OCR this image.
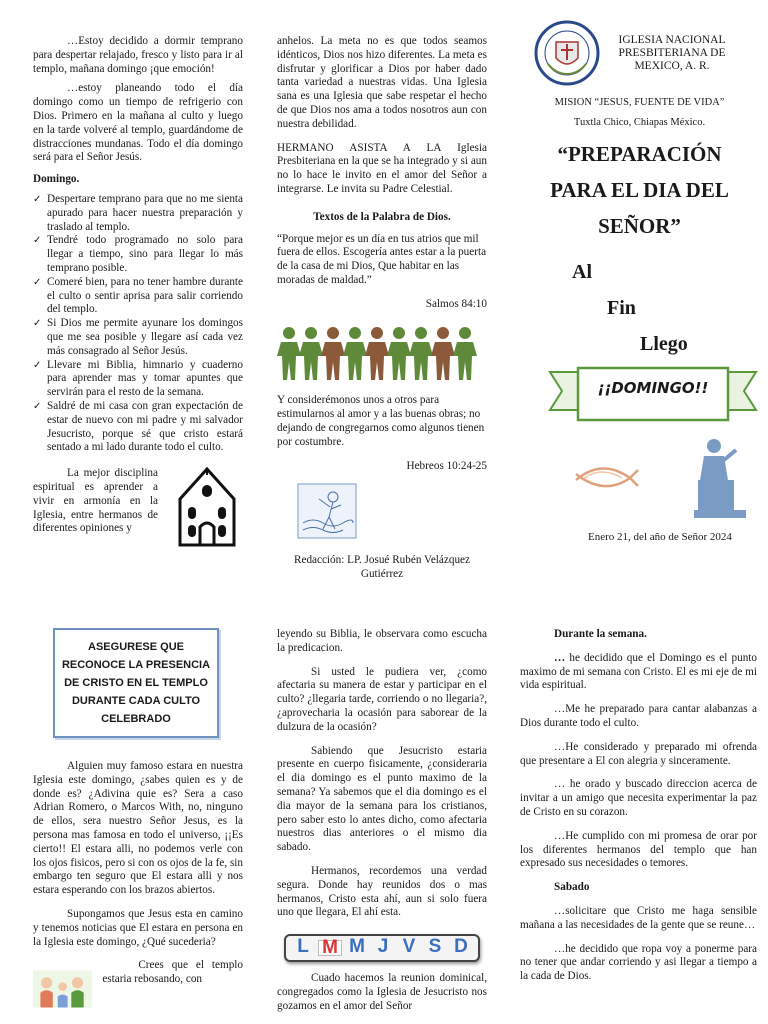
…Estoy decidido a dormir temprano para despertar relajado, fresco y listo para ir al templo, mañana domingo ¡que emoción!

…estoy planeando todo el día domingo como un tiempo de refrigerio con Dios. Primero en la mañana al culto y luego en la tarde volveré al templo, guardándome de distracciones mundanas. Todo el día domingo será para el Señor Jesús.

Domingo.

✓ Despertare temprano para que no me sienta apurado para hacer nuestra preparación y traslado al templo.
✓ Tendré todo programado no solo para llegar a tiempo, sino para llegar lo más temprano posible.
✓ Comeré bien, para no tener hambre durante el culto o sentir aprisa para salir corriendo del templo.
✓ Si Dios me permite ayunare los domingos que me sea posible y llegare así cada vez más consagrado al Señor Jesús.
✓ Llevare mi Biblia, himnario y cuaderno para aprender mas y tomar apuntes que servirán para el resto de la semana.
✓ Saldré de mi casa con gran expectación de estar de nuevo con mi padre y mi salvador Jesucristo, porque sé que cristo estará sentado a mi lado durante todo el culto.

La mejor disciplina espiritual es aprender a vivir en armonía en la Iglesia, entre hermanos de diferentes opiniones y

anhelos. La meta no es que todos seamos idénticos, Dios nos hizo diferentes. La meta es disfrutar y glorificar a Dios por haber dado tanta variedad a nuestras vidas. Una Iglesia sana es una Iglesia que sabe respetar el hecho de que Dios nos ama a todos nosotros aun con nuestra debilidad.

HERMANO ASISTA A LA Iglesia Presbiteriana en la que se ha integrado y si aun no lo hace le invito en el amor del Señor a integrarse. Le invita su Padre Celestial.

Textos de la Palabra de Dios.

“Porque mejor es un día en tus atrios que mil fuera de ellos. Escogería antes estar a la puerta de la casa de mi Dios, Que habitar en las moradas de maldad.”

Salmos 84:10

Y considerémonos unos a otros para estimularnos al amor y a las buenas obras; no dejando de congregarnos como algunos tienen por costumbre.

Hebreos 10:24-25

Redacción: LP. Josué Rubén Velázquez Gutiérrez

IGLESIA NACIONAL PRESBITERIANA DE MEXICO, A. R.

MISION “JESUS, FUENTE DE VIDA”

Tuxtla Chico, Chiapas México.

“PREPARACIÓN
PARA EL DIA DEL
SEÑOR”
Al
Fin
Llego
¡¡DOMINGO!!

Enero 21, del año de Señor 2024

ASEGURESE QUE RECONOCE LA PRESENCIA DE CRISTO EN EL TEMPLO DURANTE CADA CULTO CELEBRADO

Alguien muy famoso estara en nuestra Iglesia este domingo, ¿sabes quien es y de donde es? ¿Adivina quie es? Sera a caso Adrian Romero, o Marcos With, no, ninguno de ellos, sera nuestro Señor Jesus, es la persona mas famosa en todo el universo, ¡¡Es cierto!! El estara alli, no podemos verle con los ojos fisicos, pero si con os ojos de la fe, sin embargo ten seguro que El estara alli y nos estara esperando con los brazos abiertos.

Supongamos que Jesus esta en camino y tenemos noticias que El estara en persona en la Iglesia este domingo, ¿Qué sucederia?

Crees que el templo estaria rebosando, con

leyendo su Biblia, le observara como escucha la predicacion.

Si usted le pudiera ver, ¿como afectaria su manera de estar y participar en el culto? ¿llegaria tarde, corriendo o no llegaria?, ¿aprovecharia la ocasión para saborear de la dulzura de la ocasión?

Sabiendo que Jesucristo estaria presente en cuerpo fisicamente, ¿consideraria el dia domingo es el punto maximo de la semana? Ya sabemos que el dia domingo es el dia mayor de la semana para los cristianos, pero saber esto lo antes dicho, como afectaria nuestros dias anteriores o el mismo dia sabado.

Hermanos, recordemos una verdad segura. Donde hay reunidos dos o mas hermanos, Cristo esta ahí, aun si solo fuera uno que llegara, El ahí esta.

L M M J V S D

Cuado hacemos la reunion dominical, congregados como la Iglesia de Jesucristo nos gozamos en el amor del Señor

Durante la semana.

… he decidido que el Domingo es el punto maximo de mi semana con Cristo. El es mi eje de mi vida espiritual.

…Me he preparado para cantar alabanzas a Dios durante todo el culto.

…He considerado y preparado mi ofrenda que presentare a El con alegria y sinceramente.

… he orado y buscado direccion acerca de invitar a un amigo que necesita experimentar la paz de Cristo en su corazon.

…He cumplido con mi promesa de orar por los diferentes hermanos del templo que han expresado sus necesidades o temores.

Sabado

…solicitare que Cristo me haga sensible mañana a las necesidades de la gente que se reune…

…he decidido que ropa voy a ponerme para no tener que andar corriendo y asi llegar a tiempo a la cada de Dios.
